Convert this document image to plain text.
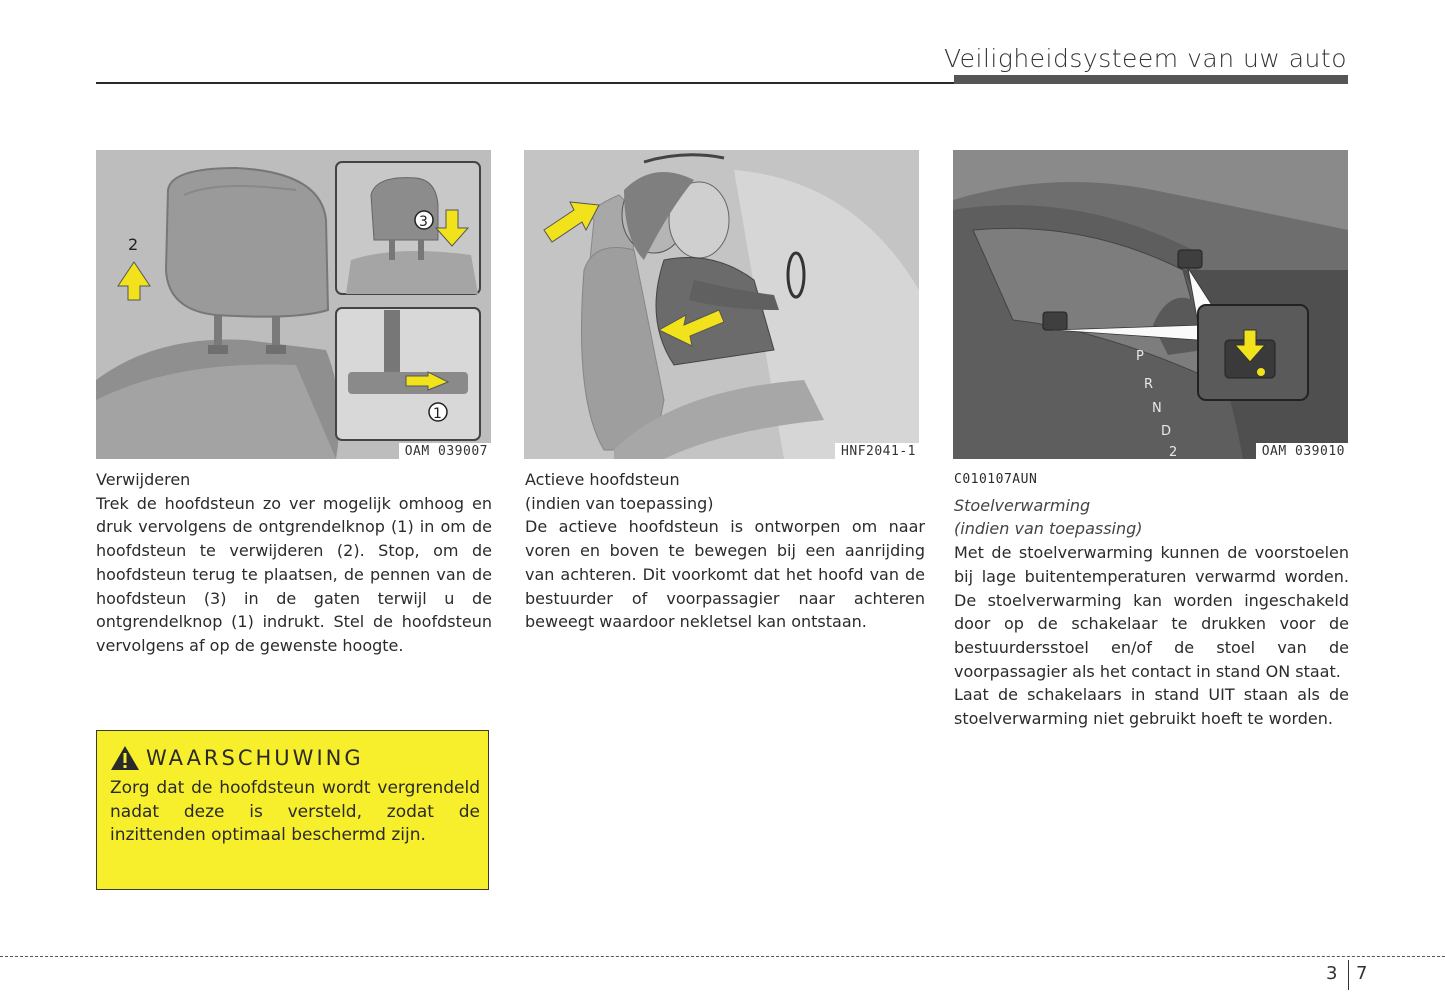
Veiligheidsysteem van uw auto
2
3
1
OAM 039007	HNF2041-1
P
R
N
D
2	OAM 039010
Verwijderen

Trek de hoofdsteun zo ver mogelijk omhoog en druk vervolgens de ontgrendelknop (1) in om de hoofdsteun te verwijderen (2). Stop, om de hoofdsteun terug te plaatsen, de pennen van de hoofdsteun (3) in de gaten terwijl u de ontgrendelknop (1) indrukt. Stel de hoofdsteun vervolgens af op de gewenste hoogte.

WAARSCHUWING

Zorg dat de hoofdsteun wordt vergrendeld nadat deze is versteld, zodat de inzittenden optimaal beschermd zijn.

Actieve hoofdsteun
(indien van toepassing)

De actieve hoofdsteun is ontworpen om naar voren en boven te bewegen bij een aanrijding van achteren. Dit voorkomt dat het hoofd van de bestuurder of voorpassagier naar achteren beweegt waardoor nekletsel kan ontstaan.

C010107AUN
Stoelverwarming
(indien van toepassing)

Met de stoelverwarming kunnen de voorstoelen bij lage buitentemperaturen verwarmd worden. De stoelverwarming kan worden ingeschakeld door op de schakelaar te drukken voor de bestuurdersstoel en/of de stoel van de voorpassagier als het contact in stand ON staat.

Laat de schakelaars in stand UIT staan als de stoelverwarming niet gebruikt hoeft te worden.

3 7
